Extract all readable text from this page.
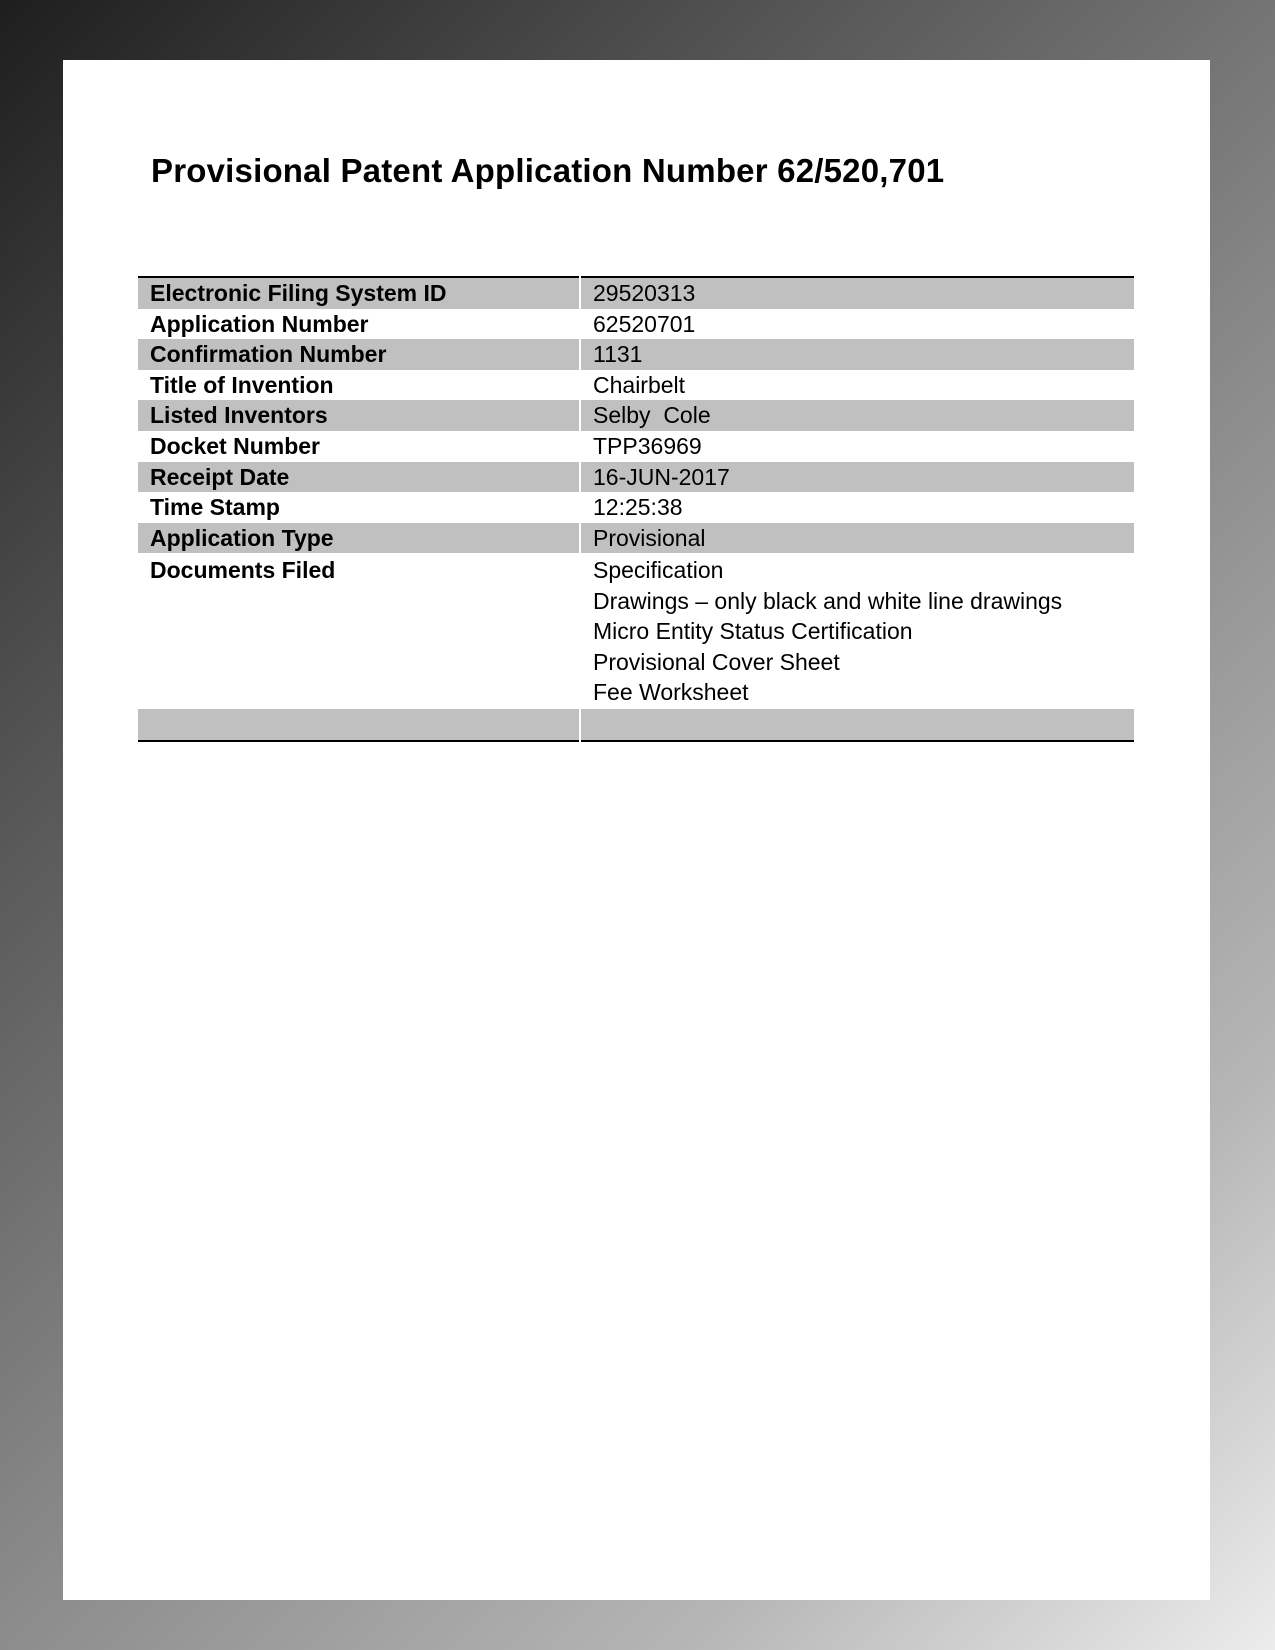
Provisional Patent Application Number 62/520,701
Electronic Filing System ID	29520313
Application Number	62520701
Confirmation Number	1131
Title of Invention	Chairbelt
Listed Inventors	Selby  Cole
Docket Number	TPP36969
Receipt Date	16-JUN-2017
Time Stamp	12:25:38
Application Type	Provisional
Documents Filed	Specification
Drawings – only black and white line drawings
Micro Entity Status Certification
Provisional Cover Sheet
Fee Worksheet
